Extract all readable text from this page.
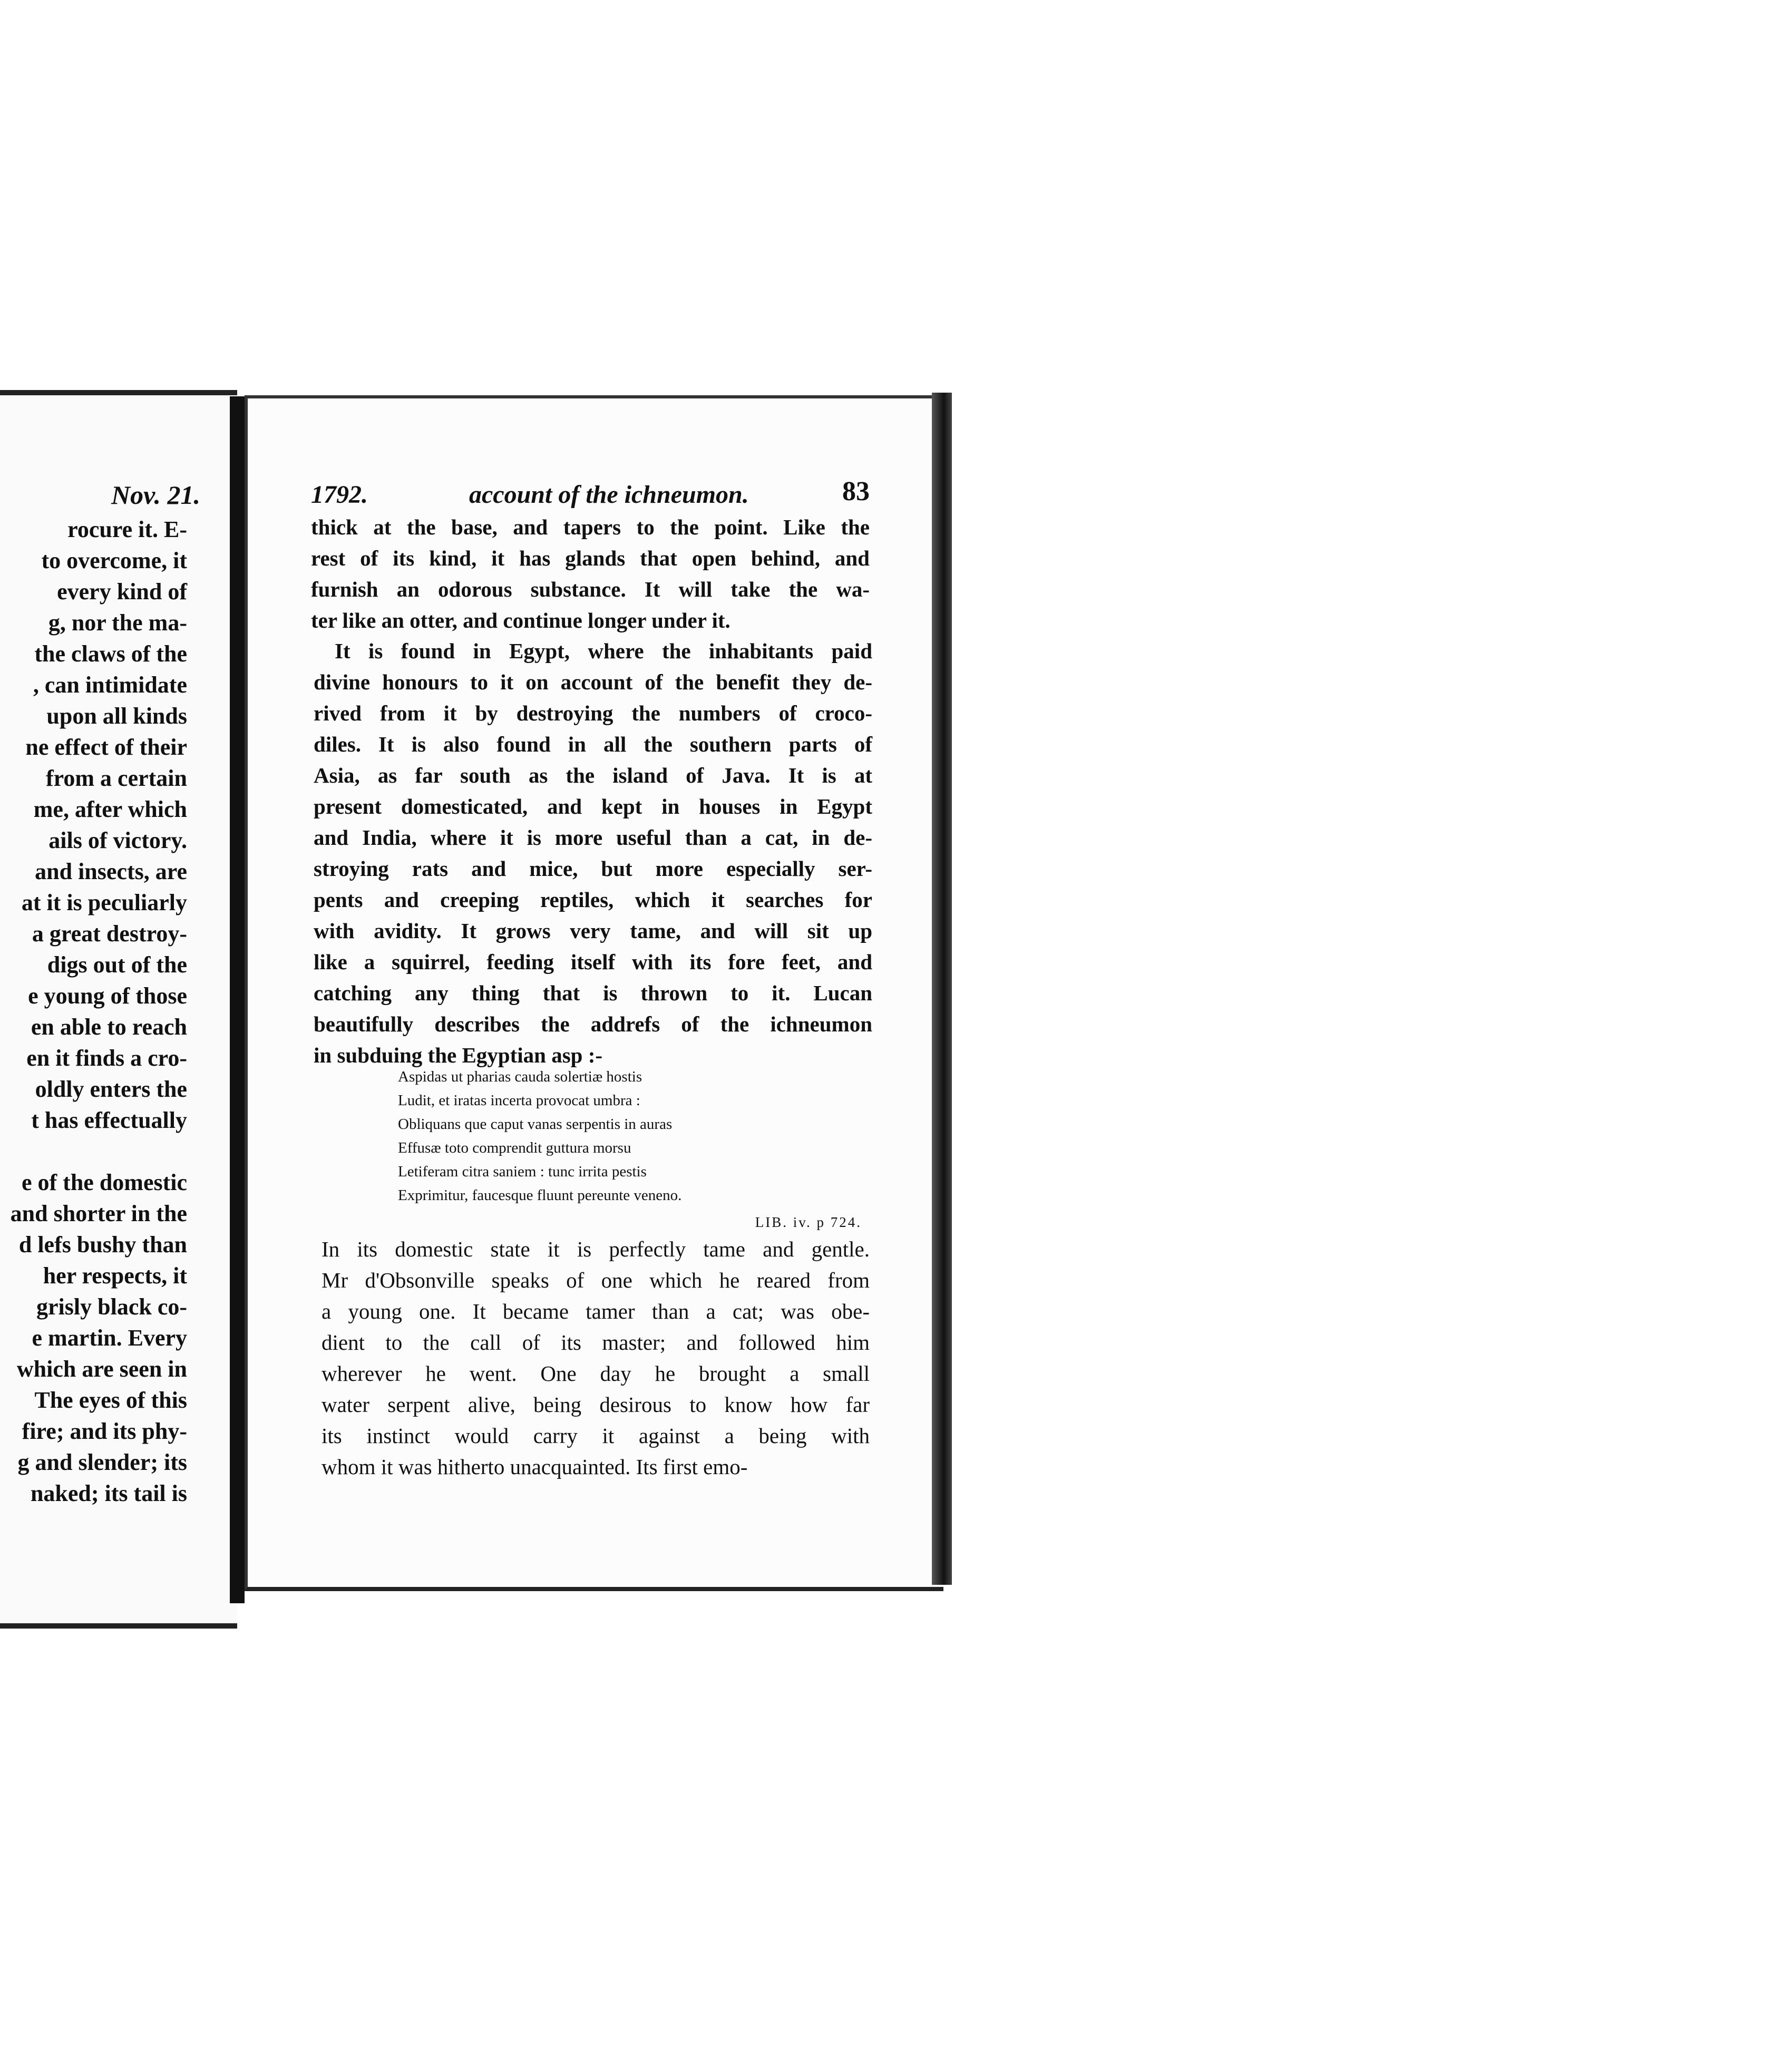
Nov. 21.
rocure it. E-
to overcome, it
every kind of
g, nor the ma-
the claws of the
, can intimidate
upon all kinds
ne effect of their
from a certain
me, after which
ails of victory.
and insects, are
at it is peculiarly
a great destroy-
digs out of the
e young of those
en able to reach
en it finds a cro-
oldly enters the
t has effectually
e of the domestic
and shorter in the
d lefs bushy than
her respects, it
grisly black co-
e martin. Every
which are seen in
The eyes of this
fire; and its phy-
g and slender; its
naked; its tail is
1792.	account of the ichneumon.	83
thick at the base, and tapers to the point. Like the
rest of its kind, it has glands that open behind, and
furnish an odorous substance. It will take the wa-
ter like an otter, and continue longer under it.
It is found in Egypt, where the inhabitants paid
divine honours to it on account of the benefit they de-
rived from it by destroying the numbers of croco-
diles. It is also found in all the southern parts of
Asia, as far south as the island of Java. It is at
present domesticated, and kept in houses in Egypt
and India, where it is more useful than a cat, in de-
stroying rats and mice, but more especially ser-
pents and creeping reptiles, which it searches for
with avidity. It grows very tame, and will sit up
like a squirrel, feeding itself with its fore feet, and
catching any thing that is thrown to it. Lucan
beautifully describes the addrefs of the ichneumon
in subduing the Egyptian asp :-
Aspidas ut pharias cauda solertiæ hostis
Ludit, et iratas incerta provocat umbra :
Obliquans que caput vanas serpentis in auras
Effusæ toto comprendit guttura morsu
Letiferam citra saniem : tunc irrita pestis
Exprimitur, faucesque fluunt pereunte veneno.
LIB. iv. p 724.
In its domestic state it is perfectly tame and gentle.
Mr d'Obsonville speaks of one which he reared from
a young one. It became tamer than a cat; was obe-
dient to the call of its master; and followed him
wherever he went. One day he brought a small
water serpent alive, being desirous to know how far
its instinct would carry it against a being with
whom it was hitherto unacquainted. Its first emo-
